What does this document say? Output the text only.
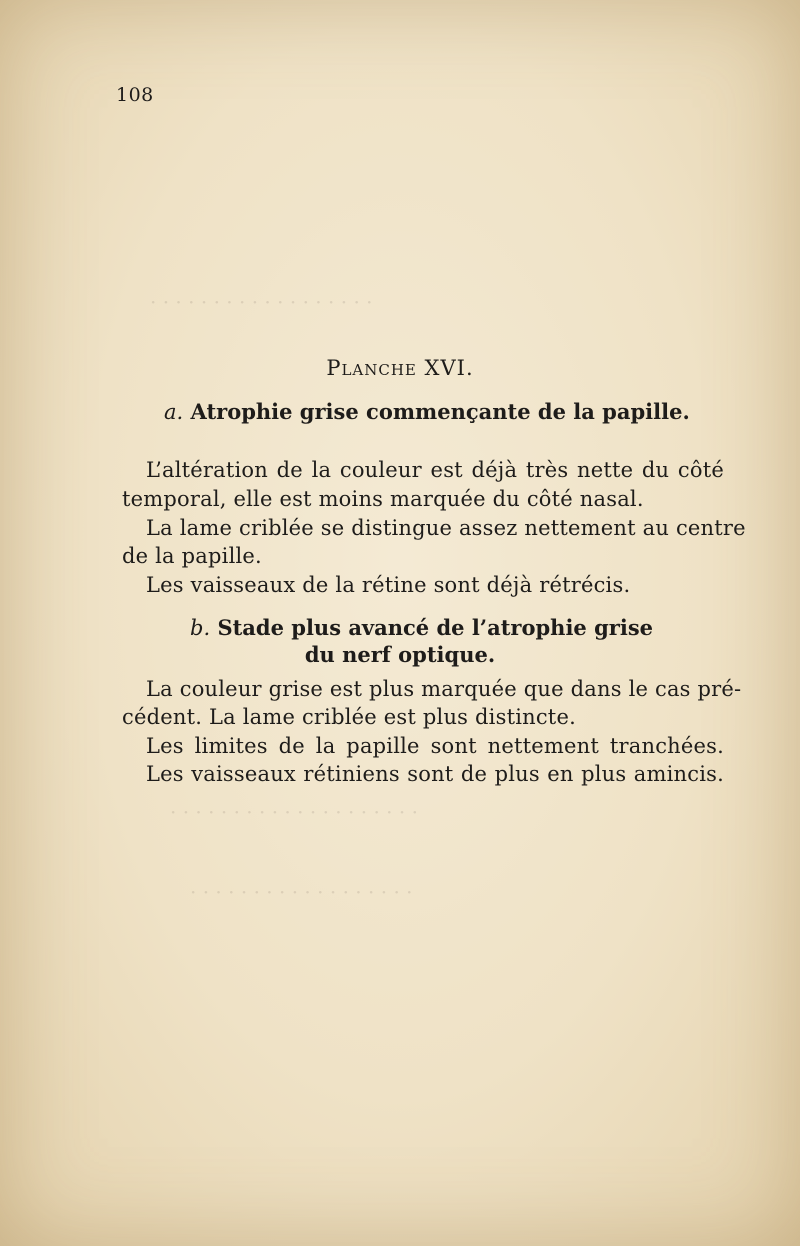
· · · · · · · · · · · · · · · · · ·
· · · · · · · · · · · · · · · · · · · ·
· · · · · · · · · · · · · · · · · ·
108
Planche XVI.
a. Atrophie grise commençante de la papille.
L’altération de la couleur est déjà très nette du côté
temporal, elle est moins marquée du côté nasal.
La lame criblée se distingue assez nettement au centre
de la papille.
Les vaisseaux de la rétine sont déjà rétrécis.
b. Stade plus avancé de l’atrophie grise
du nerf optique.
La couleur grise est plus marquée que dans le cas pré-
cédent. La lame criblée est plus distincte.
Les limites de la papille sont nettement tranchées.
Les vaisseaux rétiniens sont de plus en plus amincis.
